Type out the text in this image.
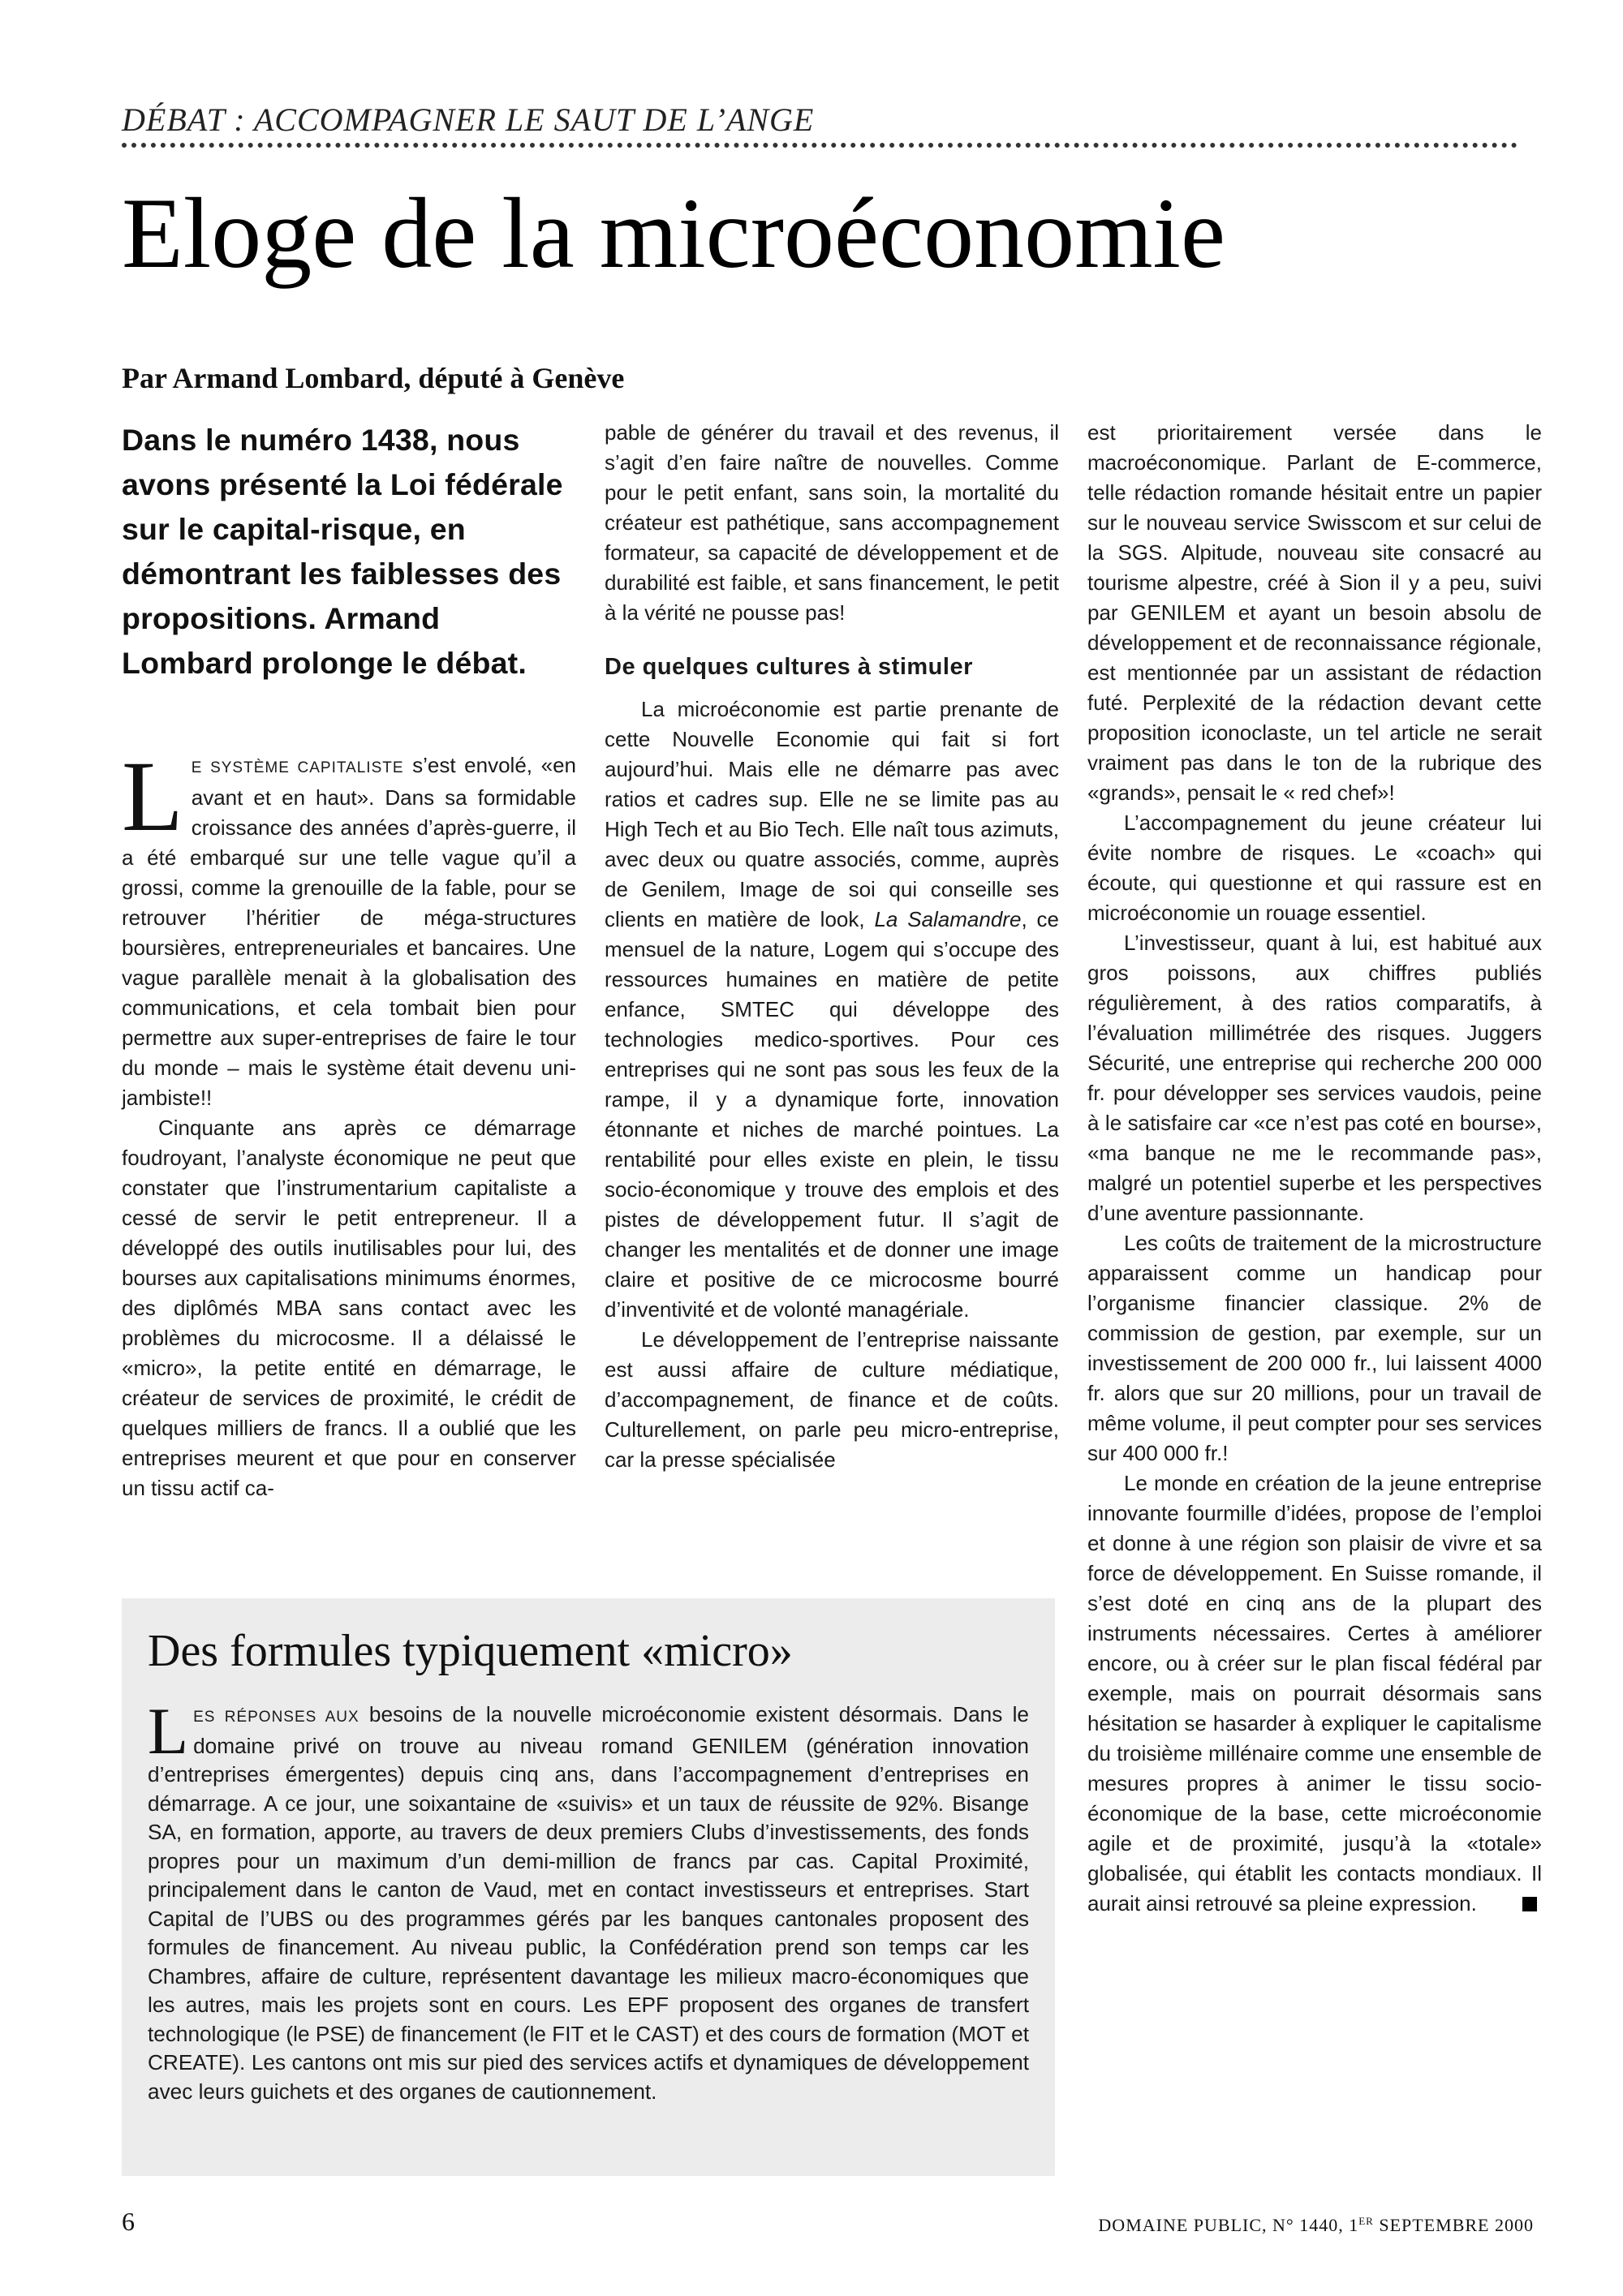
DÉBAT : ACCOMPAGNER LE SAUT DE L’ANGE
Eloge de la microéconomie
Par Armand Lombard, député à Genève
Dans le numéro 1438, nous avons présenté la Loi fédérale sur le capital-risque, en démontrant les faiblesses des propositions. Armand Lombard prolonge le débat.

LE SYSTÈME CAPITALISTE s’est envolé, «en avant et en haut». Dans sa formidable croissance des années d’après-guerre, il a été embarqué sur une telle vague qu’il a grossi, comme la grenouille de la fable, pour se retrouver l’héritier de méga-structures boursières, entrepreneuriales et bancaires. Une vague parallèle menait à la globalisation des communications, et cela tombait bien pour permettre aux super-entreprises de faire le tour du monde – mais le système était devenu uni-jambiste!!

Cinquante ans après ce démarrage foudroyant, l’analyste économique ne peut que constater que l’instrumentarium capitaliste a cessé de servir le petit entrepreneur. Il a développé des outils inutilisables pour lui, des bourses aux capitalisations minimums énormes, des diplômés MBA sans contact avec les problèmes du microcosme. Il a délaissé le «micro», la petite entité en démarrage, le créateur de services de proximité, le crédit de quelques milliers de francs. Il a oublié que les entreprises meurent et que pour en conserver un tissu actif ca-

pable de générer du travail et des revenus, il s’agit d’en faire naître de nouvelles. Comme pour le petit enfant, sans soin, la mortalité du créateur est pathétique, sans accompagnement formateur, sa capacité de développement et de durabilité est faible, et sans financement, le petit à la vérité ne pousse pas!

De quelques cultures à stimuler

La microéconomie est partie prenante de cette Nouvelle Economie qui fait si fort aujourd’hui. Mais elle ne démarre pas avec ratios et cadres sup. Elle ne se limite pas au High Tech et au Bio Tech. Elle naît tous azimuts, avec deux ou quatre associés, comme, auprès de Genilem, Image de soi qui conseille ses clients en matière de look, La Salamandre, ce mensuel de la nature, Logem qui s’occupe des ressources humaines en matière de petite enfance, SMTEC qui développe des technologies medico-sportives. Pour ces entreprises qui ne sont pas sous les feux de la rampe, il y a dynamique forte, innovation étonnante et niches de marché pointues. La rentabilité pour elles existe en plein, le tissu socio-économique y trouve des emplois et des pistes de développement futur. Il s’agit de changer les mentalités et de donner une image claire et positive de ce microcosme bourré d’inventivité et de volonté managériale.

Le développement de l’entreprise naissante est aussi affaire de culture médiatique, d’accompagnement, de finance et de coûts. Culturellement, on parle peu micro-entreprise, car la presse spécialisée

est prioritairement versée dans le macroéconomique. Parlant de E-commerce, telle rédaction romande hésitait entre un papier sur le nouveau service Swisscom et sur celui de la SGS. Alpitude, nouveau site consacré au tourisme alpestre, créé à Sion il y a peu, suivi par GENILEM et ayant un besoin absolu de développement et de reconnaissance régionale, est mentionnée par un assistant de rédaction futé. Perplexité de la rédaction devant cette proposition iconoclaste, un tel article ne serait vraiment pas dans le ton de la rubrique des «grands», pensait le « red chef»!

L’accompagnement du jeune créateur lui évite nombre de risques. Le «coach» qui écoute, qui questionne et qui rassure est en microéconomie un rouage essentiel.

L’investisseur, quant à lui, est habitué aux gros poissons, aux chiffres publiés régulièrement, à des ratios comparatifs, à l’évaluation millimétrée des risques. Juggers Sécurité, une entreprise qui recherche 200 000 fr. pour développer ses services vaudois, peine à le satisfaire car «ce n’est pas coté en bourse», «ma banque ne me le recommande pas», malgré un potentiel superbe et les perspectives d’une aventure passionnante.

Les coûts de traitement de la microstructure apparaissent comme un handicap pour l’organisme financier classique. 2% de commission de gestion, par exemple, sur un investissement de 200 000 fr., lui laissent 4000 fr. alors que sur 20 millions, pour un travail de même volume, il peut compter pour ses services sur 400 000 fr.!

Le monde en création de la jeune entreprise innovante fourmille d’idées, propose de l’emploi et donne à une région son plaisir de vivre et sa force de développement. En Suisse romande, il s’est doté en cinq ans de la plupart des instruments nécessaires. Certes à améliorer encore, ou à créer sur le plan fiscal fédéral par exemple, mais on pourrait désormais sans hésitation se hasarder à expliquer le capitalisme du troisième millénaire comme une ensemble de mesures propres à animer le tissu socio-économique de la base, cette microéconomie agile et de proximité, jusqu’à la «totale» globalisée, qui établit les contacts mondiaux. Il aurait ainsi retrouvé sa pleine expression.

Des formules typiquement «micro»

LES RÉPONSES AUX besoins de la nouvelle microéconomie existent désormais. Dans le domaine privé on trouve au niveau romand GENILEM (génération innovation d’entreprises émergentes) depuis cinq ans, dans l’accompagnement d’entreprises en démarrage. A ce jour, une soixantaine de «suivis» et un taux de réussite de 92%. Bisange SA, en formation, apporte, au travers de deux premiers Clubs d’investissements, des fonds propres pour un maximum d’un demi-million de francs par cas. Capital Proximité, principalement dans le canton de Vaud, met en contact investisseurs et entreprises. Start Capital de l’UBS ou des programmes gérés par les banques cantonales proposent des formules de financement. Au niveau public, la Confédération prend son temps car les Chambres, affaire de culture, représentent davantage les milieux macro-économiques que les autres, mais les projets sont en cours. Les EPF proposent des organes de transfert technologique (le PSE) de financement (le FIT et le CAST) et des cours de formation (MOT et CREATE). Les cantons ont mis sur pied des services actifs et dynamiques de développement avec leurs guichets et des organes de cautionnement.

6	DOMAINE PUBLIC, N° 1440, 1ER SEPTEMBRE 2000
